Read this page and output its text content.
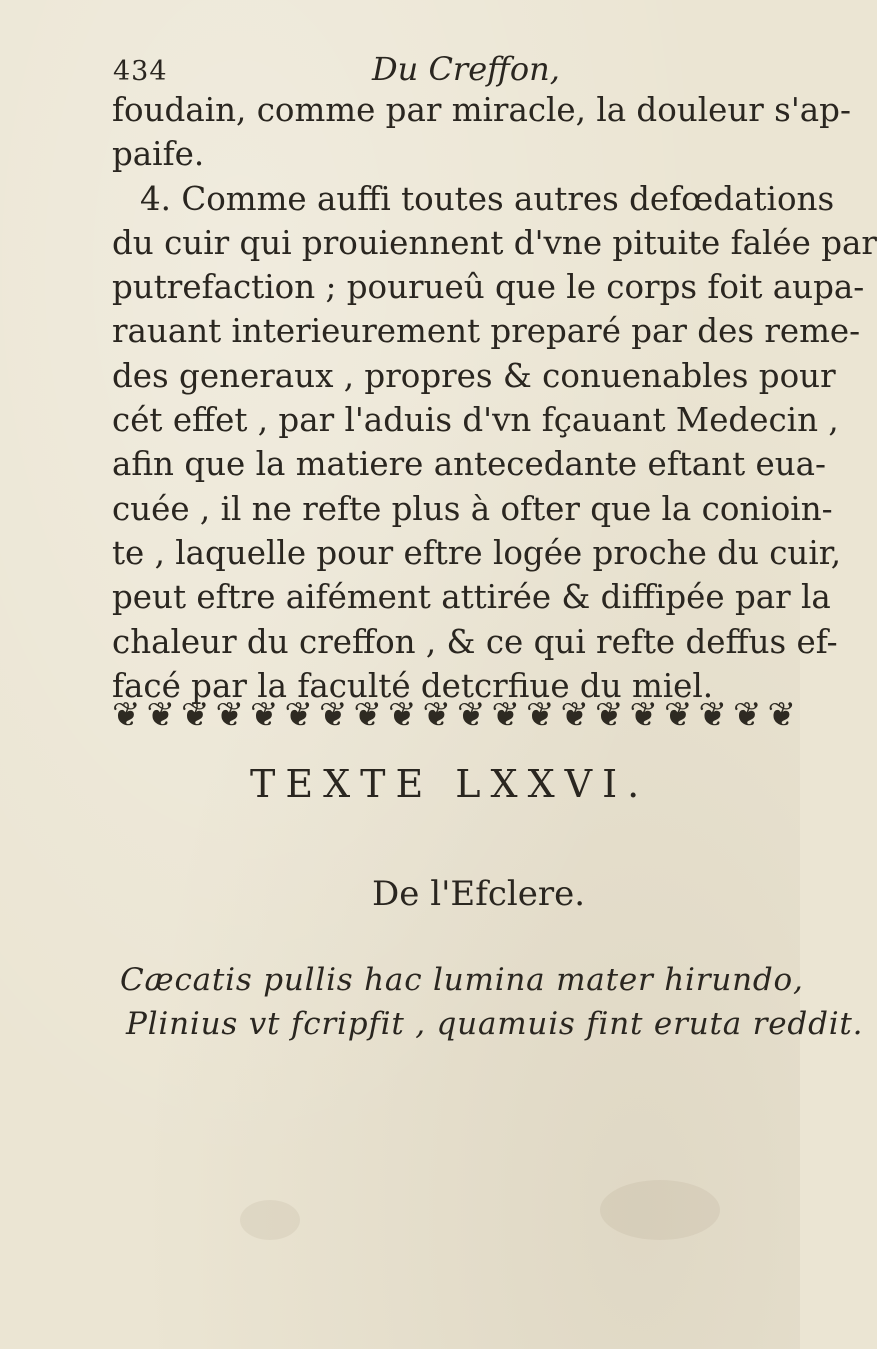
434	Du Creffon,
foudain, comme par miracle, la douleur s'ap-
paife.
4. Comme auffi toutes autres defœdations
du cuir qui prouiennent d'vne pituite falée par
putrefaction ; pourueû que le corps foit aupa-
rauant interieurement preparé par des reme-
des generaux , propres & conuenables pour
cét effet , par l'aduis d'vn fçauant Medecin ,
afin que la matiere antecedante eftant eua-
cuée , il ne refte plus à ofter que la conioin-
te , laquelle pour eftre logée proche du cuir,
peut eftre aifément attirée & diffipée par la
chaleur du creffon , & ce qui refte deffus ef-
facé par la faculté detcrfiue du miel.
❦ ❦ ❦ ❦ ❦ ❦ ❦ ❦ ❦ ❦ ❦ ❦ ❦ ❦ ❦ ❦ ❦ ❦ ❦ ❦
TEXTE LXXVI.
De l'Efclere.
Cæcatis pullis hac lumina mater hirundo,
Plinius vt fcripfit , quamuis fint eruta reddit.
